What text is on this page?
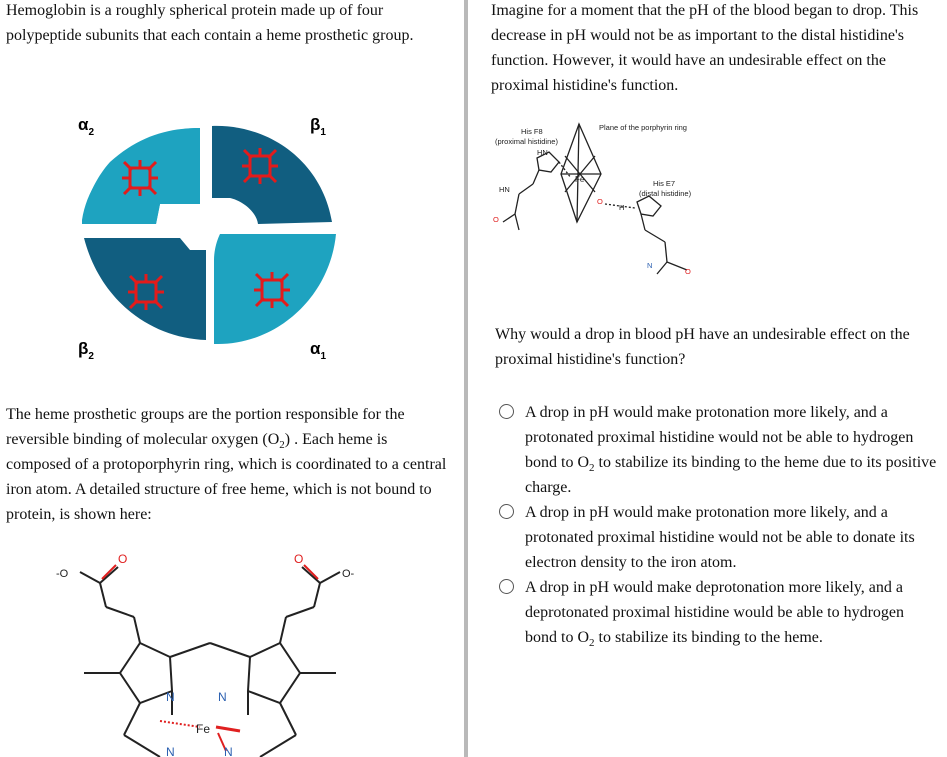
Hemoglobin is a roughly spherical protein made up of four polypeptide subunits that each contain a heme prosthetic group.

$\alpha_2$	$\beta_1$
$\beta_2$	$\alpha_1$

The heme prosthetic groups are the portion responsible for the reversible binding of molecular oxygen $(O_2)$ . Each heme is composed of a protoporphyrin ring, which is coordinated to a central iron atom. A detailed structure of free heme, which is not bound to protein, is shown here:

-O
O	O
O-
N	N
N	N
Fe

Imagine for a moment that the pH of the blood began to drop. This decrease in pH would not be as important to the distal histidine's function. However, it would have an undesirable effect on the proximal histidine's function.

Plane of the porphyrin ring
His F8
(proximal histidine)
HN
HN
O
Fe	His E7
(distal histidine)
O
H
N
O

Why would a drop in blood pH have an undesirable effect on the proximal histidine's function?

A drop in pH would make protonation more likely, and a protonated proximal histidine would not be able to hydrogen bond to $O_2$ to stabilize its binding to the heme due to its positive charge.

A drop in pH would make protonation more likely, and a protonated proximal histidine would not be able to donate its electron density to the iron atom.

A drop in pH would make deprotonation more likely, and a deprotonated proximal histidine would be able to hydrogen bond to $O_2$ to stabilize its binding to the heme.
